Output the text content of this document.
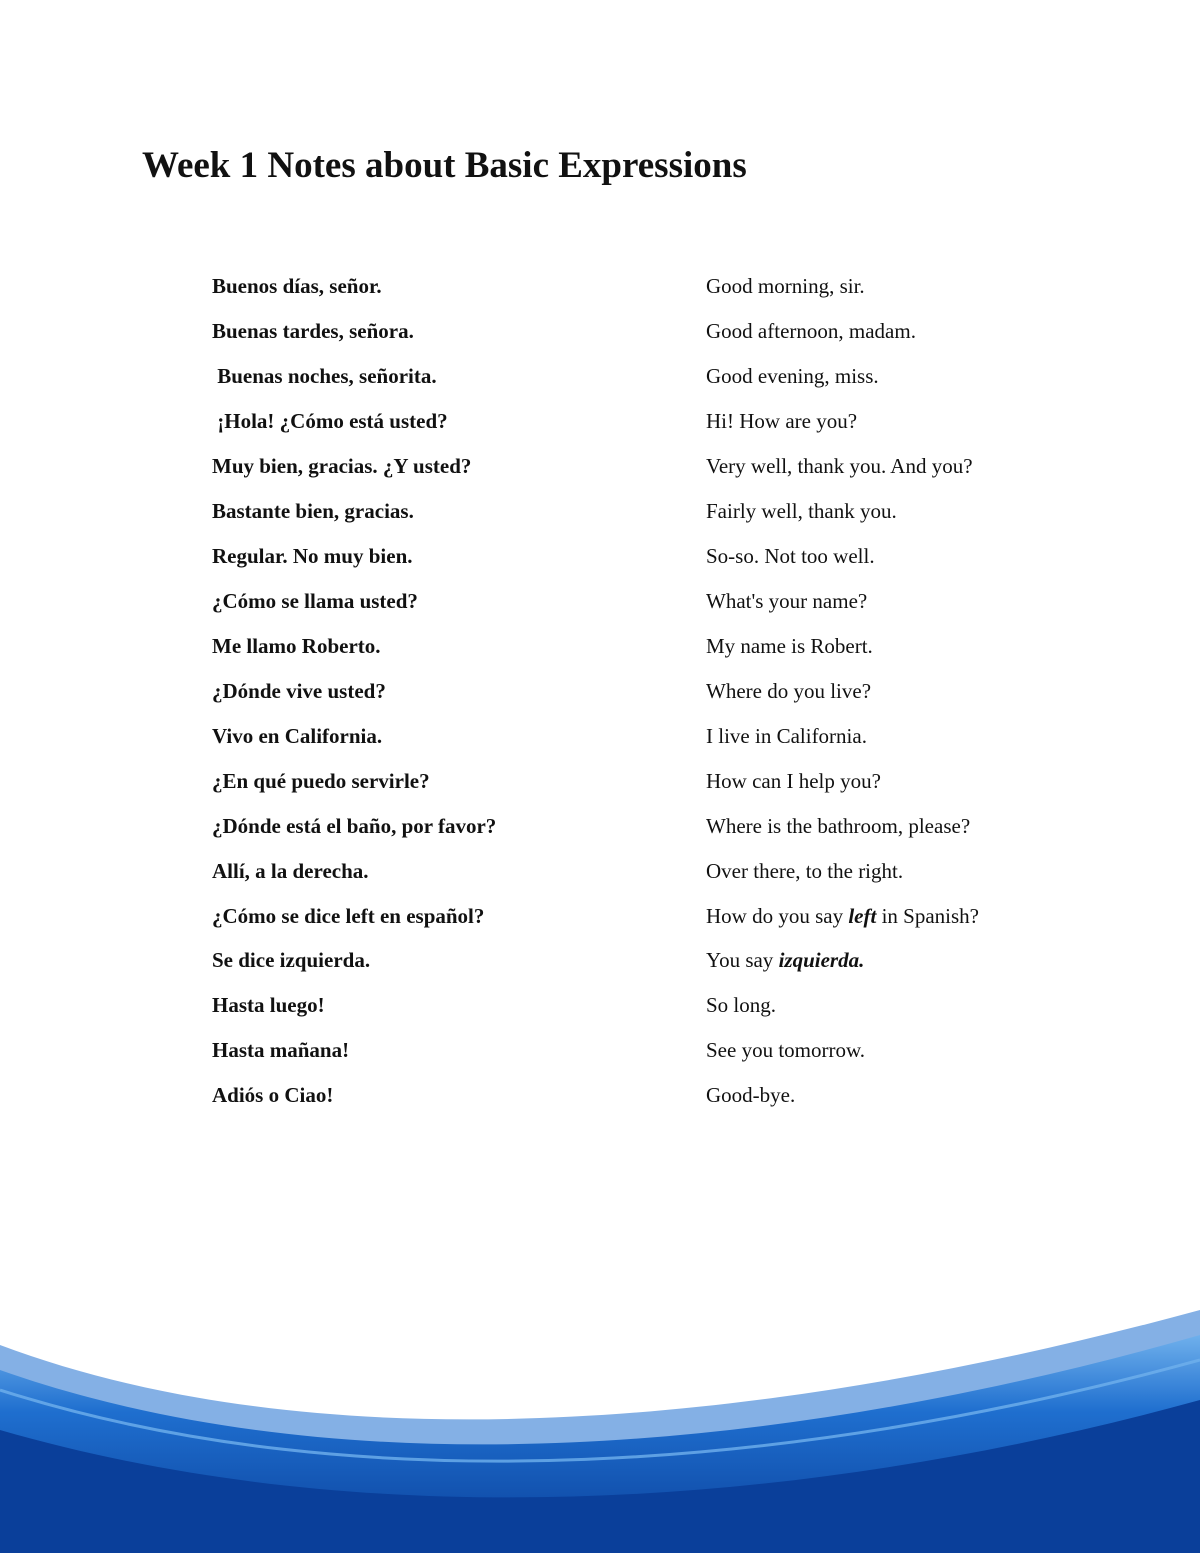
Week 1 Notes about Basic Expressions
Buenos días, señor.	Good morning, sir.
Buenas tardes, señora.	Good afternoon, madam.
Buenas noches, señorita.	Good evening, miss.
¡Hola! ¿Cómo está usted?	Hi! How are you?
Muy bien, gracias. ¿Y usted?	Very well, thank you. And you?
Bastante bien, gracias.	Fairly well, thank you.
Regular. No muy bien.	So-so. Not too well.
¿Cómo se llama usted?	What's your name?
Me llamo Roberto.	My name is Robert.
¿Dónde vive usted?	Where do you live?
Vivo en California.	I live in California.
¿En qué puedo servirle?	How can I help you?
¿Dónde está el baño, por favor?	Where is the bathroom, please?
Allí, a la derecha.	Over there, to the right.
¿Cómo se dice left en español?	How do you say left in Spanish?
Se dice izquierda.	You say izquierda.
Hasta luego!	So long.
Hasta mañana!	See you tomorrow.
Adiós o Ciao!	Good-bye.
